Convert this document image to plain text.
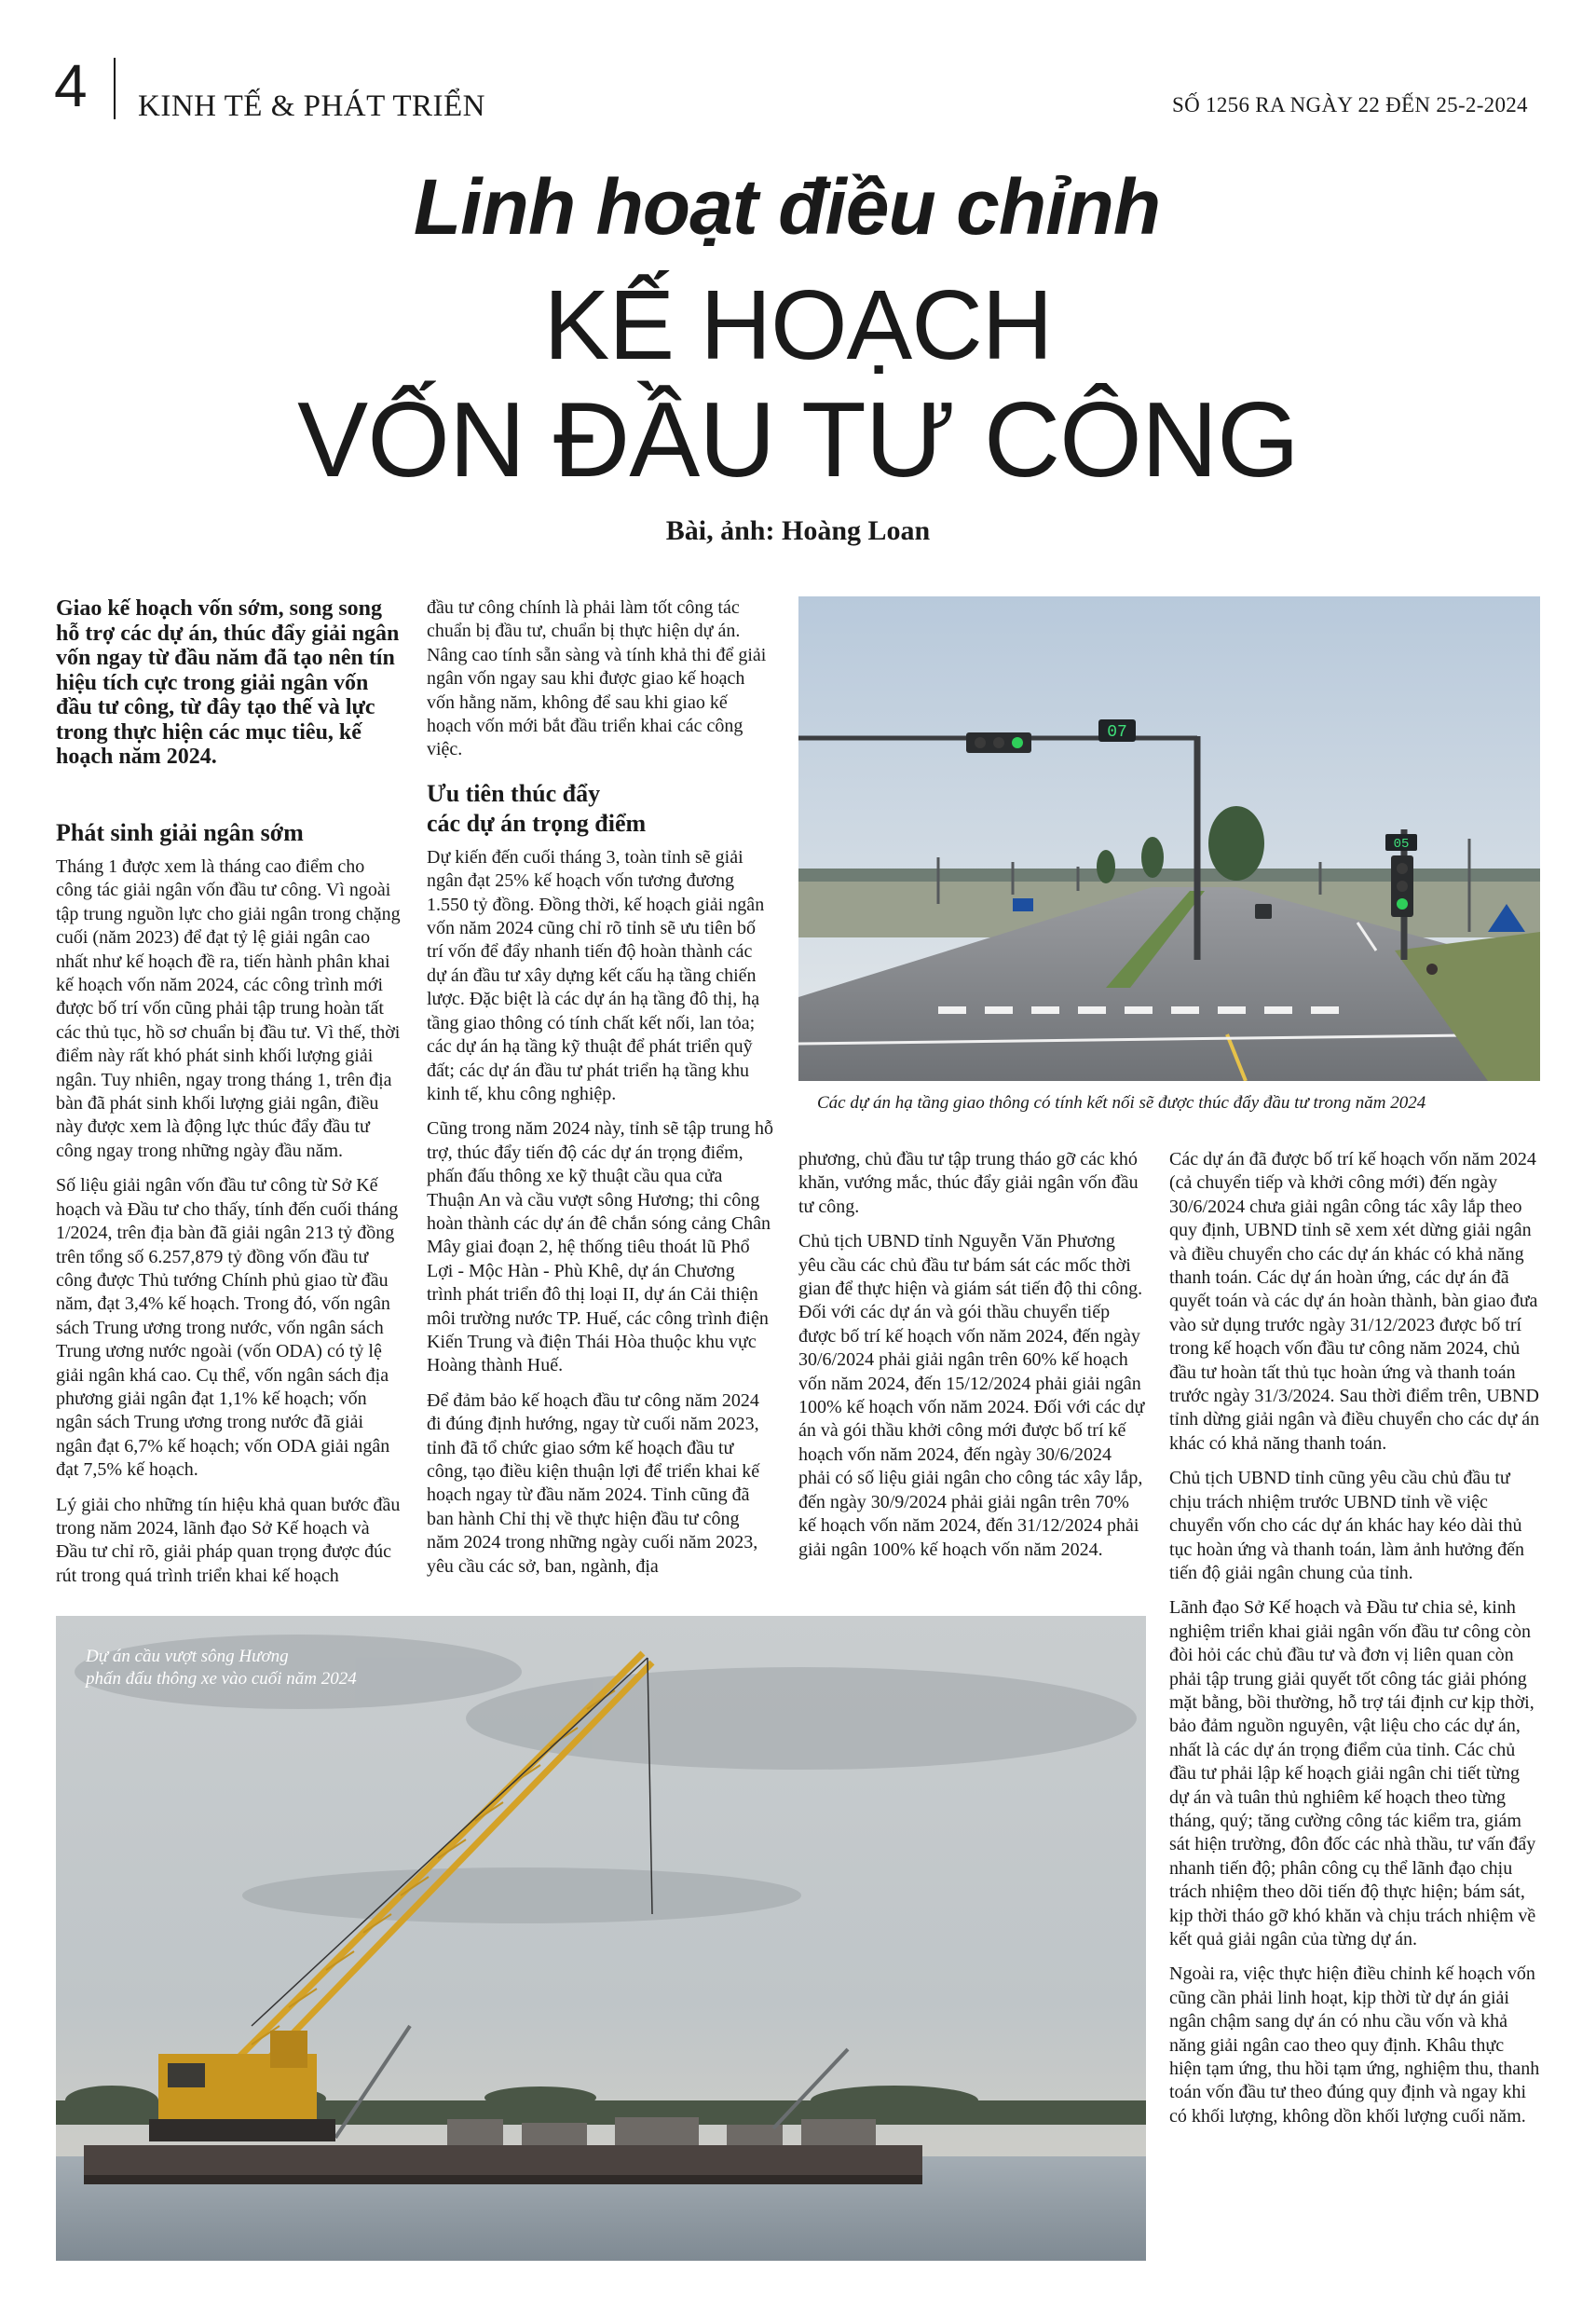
4 KINH TẾ & PHÁT TRIỂN	SỐ 1256 RA NGÀY 22 ĐẾN 25-2-2024
Linh hoạt điều chỉnh
KẾ HOẠCH
VỐN ĐẦU TƯ CÔNG
Bài, ảnh: Hoàng Loan
Giao kế hoạch vốn sớm, song song hỗ trợ các dự án, thúc đẩy giải ngân vốn ngay từ đầu năm đã tạo nên tín hiệu tích cực trong giải ngân vốn đầu tư công, từ đây tạo thế và lực trong thực hiện các mục tiêu, kế hoạch năm 2024.
Phát sinh giải ngân sớm

Tháng 1 được xem là tháng cao điểm cho công tác giải ngân vốn đầu tư công. Vì ngoài tập trung nguồn lực cho giải ngân trong chặng cuối (năm 2023) để đạt tỷ lệ giải ngân cao nhất như kế hoạch đề ra, tiến hành phân khai kế hoạch vốn năm 2024, các công trình mới được bố trí vốn cũng phải tập trung hoàn tất các thủ tục, hồ sơ chuẩn bị đầu tư. Vì thế, thời điểm này rất khó phát sinh khối lượng giải ngân. Tuy nhiên, ngay trong tháng 1, trên địa bàn đã phát sinh khối lượng giải ngân, điều này được xem là động lực thúc đẩy đầu tư công ngay trong những ngày đầu năm.

Số liệu giải ngân vốn đầu tư công từ Sở Kế hoạch và Đầu tư cho thấy, tính đến cuối tháng 1/2024, trên địa bàn đã giải ngân 213 tỷ đồng trên tổng số 6.257,879 tỷ đồng vốn đầu tư công được Thủ tướng Chính phủ giao từ đầu năm, đạt 3,4% kế hoạch. Trong đó, vốn ngân sách Trung ương trong nước, vốn ngân sách Trung ương nước ngoài (vốn ODA) có tỷ lệ giải ngân khá cao. Cụ thể, vốn ngân sách địa phương giải ngân đạt 1,1% kế hoạch; vốn ngân sách Trung ương trong nước đã giải ngân đạt 6,7% kế hoạch; vốn ODA giải ngân đạt 7,5% kế hoạch.

Lý giải cho những tín hiệu khả quan bước đầu trong năm 2024, lãnh đạo Sở Kế hoạch và Đầu tư chỉ rõ, giải pháp quan trọng được đúc rút trong quá trình triển khai kế hoạch

đầu tư công chính là phải làm tốt công tác chuẩn bị đầu tư, chuẩn bị thực hiện dự án. Nâng cao tính sẵn sàng và tính khả thi để giải ngân vốn ngay sau khi được giao kế hoạch vốn hằng năm, không để sau khi giao kế hoạch vốn mới bắt đầu triển khai các công việc.

Ưu tiên thúc đẩy
các dự án trọng điểm

Dự kiến đến cuối tháng 3, toàn tỉnh sẽ giải ngân đạt 25% kế hoạch vốn tương đương 1.550 tỷ đồng. Đồng thời, kế hoạch giải ngân vốn năm 2024 cũng chỉ rõ tỉnh sẽ ưu tiên bố trí vốn để đẩy nhanh tiến độ hoàn thành các dự án đầu tư xây dựng kết cấu hạ tầng chiến lược. Đặc biệt là các dự án hạ tầng đô thị, hạ tầng giao thông có tính chất kết nối, lan tỏa; các dự án hạ tầng kỹ thuật để phát triển quỹ đất; các dự án đầu tư phát triển hạ tầng khu kinh tế, khu công nghiệp.

Cũng trong năm 2024 này, tỉnh sẽ tập trung hỗ trợ, thúc đẩy tiến độ các dự án trọng điểm, phấn đấu thông xe kỹ thuật cầu qua cửa Thuận An và cầu vượt sông Hương; thi công hoàn thành các dự án đê chắn sóng cảng Chân Mây giai đoạn 2, hệ thống tiêu thoát lũ Phổ Lợi - Mộc Hàn - Phù Khê, dự án Chương trình phát triển đô thị loại II, dự án Cải thiện môi trường nước TP. Huế, các công trình điện Kiến Trung và điện Thái Hòa thuộc khu vực Hoàng thành Huế.

Để đảm bảo kế hoạch đầu tư công năm 2024 đi đúng định hướng, ngay từ cuối năm 2023, tỉnh đã tổ chức giao sớm kế hoạch đầu tư công, tạo điều kiện thuận lợi để triển khai kế hoạch ngay từ đầu năm 2024. Tỉnh cũng đã ban hành Chỉ thị về thực hiện đầu tư công năm 2024 trong những ngày cuối năm 2023, yêu cầu các sở, ban, ngành, địa

07
05
Các dự án hạ tầng giao thông có tính kết nối sẽ được thúc đẩy đầu tư trong năm 2024

phương, chủ đầu tư tập trung tháo gỡ các khó khăn, vướng mắc, thúc đẩy giải ngân vốn đầu tư công.

Chủ tịch UBND tỉnh Nguyễn Văn Phương yêu cầu các chủ đầu tư bám sát các mốc thời gian để thực hiện và giám sát tiến độ thi công. Đối với các dự án và gói thầu chuyển tiếp được bố trí kế hoạch vốn năm 2024, đến ngày 30/6/2024 phải giải ngân trên 60% kế hoạch vốn năm 2024, đến 15/12/2024 phải giải ngân 100% kế hoạch vốn năm 2024. Đối với các dự án và gói thầu khởi công mới được bố trí kế hoạch vốn năm 2024, đến ngày 30/6/2024 phải có số liệu giải ngân cho công tác xây lắp, đến ngày 30/9/2024 phải giải ngân trên 70% kế hoạch vốn năm 2024, đến 31/12/2024 phải giải ngân 100% kế hoạch vốn năm 2024.

Các dự án đã được bố trí kế hoạch vốn năm 2024 (cả chuyển tiếp và khởi công mới) đến ngày 30/6/2024 chưa giải ngân công tác xây lắp theo quy định, UBND tỉnh sẽ xem xét dừng giải ngân và điều chuyển cho các dự án khác có khả năng thanh toán. Các dự án hoàn ứng, các dự án đã quyết toán và các dự án hoàn thành, bàn giao đưa vào sử dụng trước ngày 31/12/2023 được bố trí trong kế hoạch vốn đầu tư công năm 2024, chủ đầu tư hoàn tất thủ tục hoàn ứng và thanh toán trước ngày 31/3/2024. Sau thời điểm trên, UBND tỉnh dừng giải ngân và điều chuyển cho các dự án khác có khả năng thanh toán.

Chủ tịch UBND tỉnh cũng yêu cầu chủ đầu tư chịu trách nhiệm trước UBND tỉnh về việc chuyển vốn cho các dự án khác hay kéo dài thủ tục hoàn ứng và thanh toán, làm ảnh hưởng đến tiến độ giải ngân chung của tỉnh.

Lãnh đạo Sở Kế hoạch và Đầu tư chia sẻ, kinh nghiệm triển khai giải ngân vốn đầu tư công còn đòi hỏi các chủ đầu tư và đơn vị liên quan còn phải tập trung giải quyết tốt công tác giải phóng mặt bằng, bồi thường, hỗ trợ tái định cư kịp thời, bảo đảm nguồn nguyên, vật liệu cho các dự án, nhất là các dự án trọng điểm của tỉnh. Các chủ đầu tư phải lập kế hoạch giải ngân chi tiết từng dự án và tuân thủ nghiêm kế hoạch theo từng tháng, quý; tăng cường công tác kiểm tra, giám sát hiện trường, đôn đốc các nhà thầu, tư vấn đẩy nhanh tiến độ; phân công cụ thể lãnh đạo chịu trách nhiệm theo dõi tiến độ thực hiện; bám sát, kịp thời tháo gỡ khó khăn và chịu trách nhiệm về kết quả giải ngân của từng dự án.

Ngoài ra, việc thực hiện điều chỉnh kế hoạch vốn cũng cần phải linh hoạt, kịp thời từ dự án giải ngân chậm sang dự án có nhu cầu vốn và khả năng giải ngân cao theo quy định. Khâu thực hiện tạm ứng, thu hồi tạm ứng, nghiệm thu, thanh toán vốn đầu tư theo đúng quy định và ngay khi có khối lượng, không dồn khối lượng cuối năm.

Dự án cầu vượt sông Hương
phấn đấu thông xe vào cuối năm 2024
